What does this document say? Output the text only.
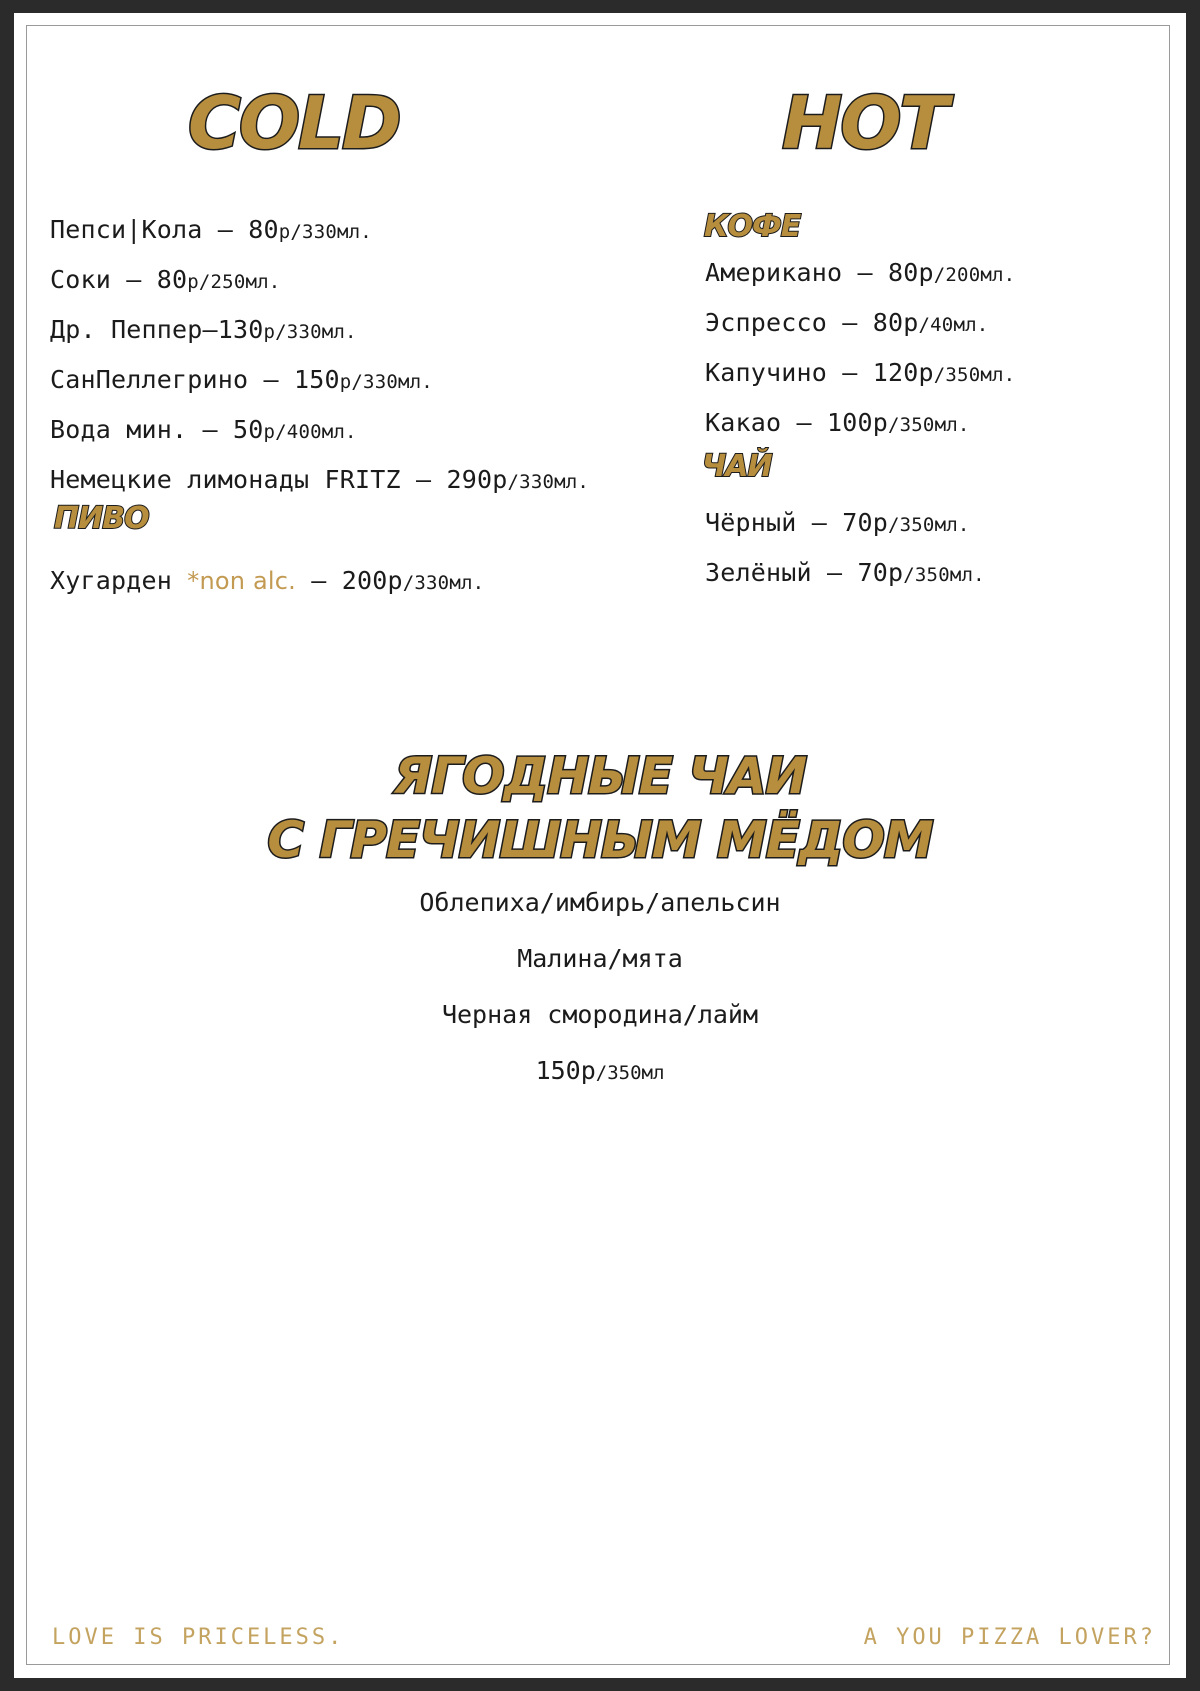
COLD	HOT
Пепси|Кола – 80р/330мл.
Соки – 80р/250мл.
Др. Пеппер–130р/330мл.
СанПеллегрино – 150р/330мл.
Вода мин. – 50р/400мл.
Немецкие лимонады FRITZ – 290р/330мл.
ПИВО
Хугарден *non alc. – 200р/330мл.
КОФЕ
Американо – 80р/200мл.
Эспрессо – 80р/40мл.
Капучино – 120р/350мл.
Какао – 100р/350мл.
ЧАЙ
Чёрный – 70р/350мл.
Зелёный – 70р/350мл.
ЯГОДНЫЕ ЧАИ
С ГРЕЧИШНЫМ МЁДОМ
Облепиха/имбирь/апельсин
Малина/мята
Черная смородина/лайм
150р/350мл
LOVE IS PRICELESS.	A YOU PIZZA LOVER?
